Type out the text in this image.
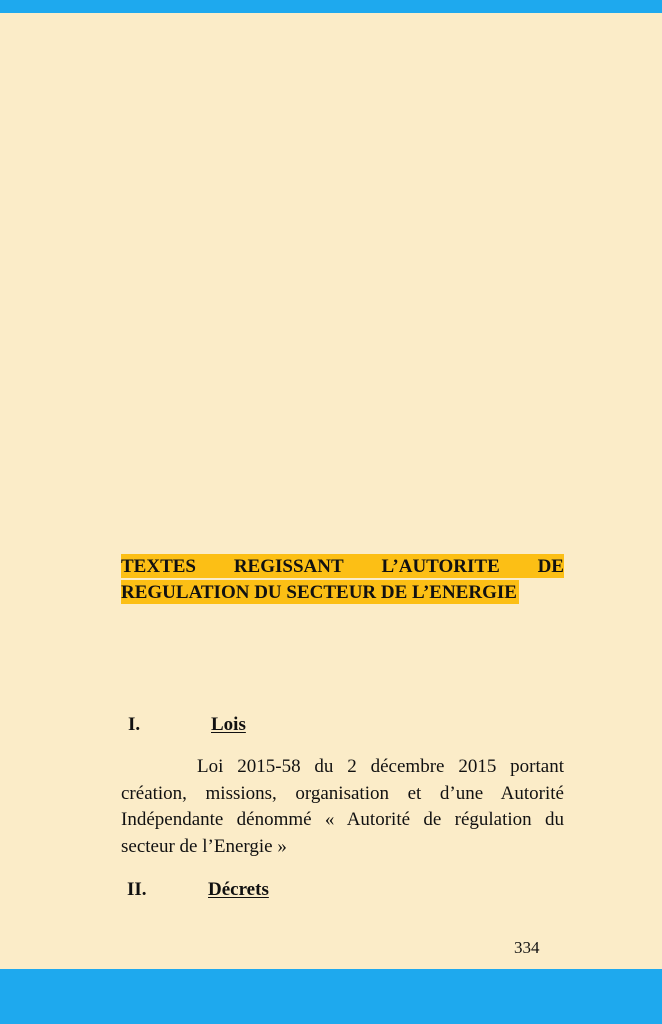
TEXTES REGISSANT L’AUTORITE DE
REGULATION DU SECTEUR DE L’ENERGIE
I.	Lois

Loi 2015-58 du 2 décembre 2015 portant création, missions, organisation et d’une Autorité Indépendante dénommé « Autorité de régulation du secteur de l’Energie »

II.	Décrets
334
